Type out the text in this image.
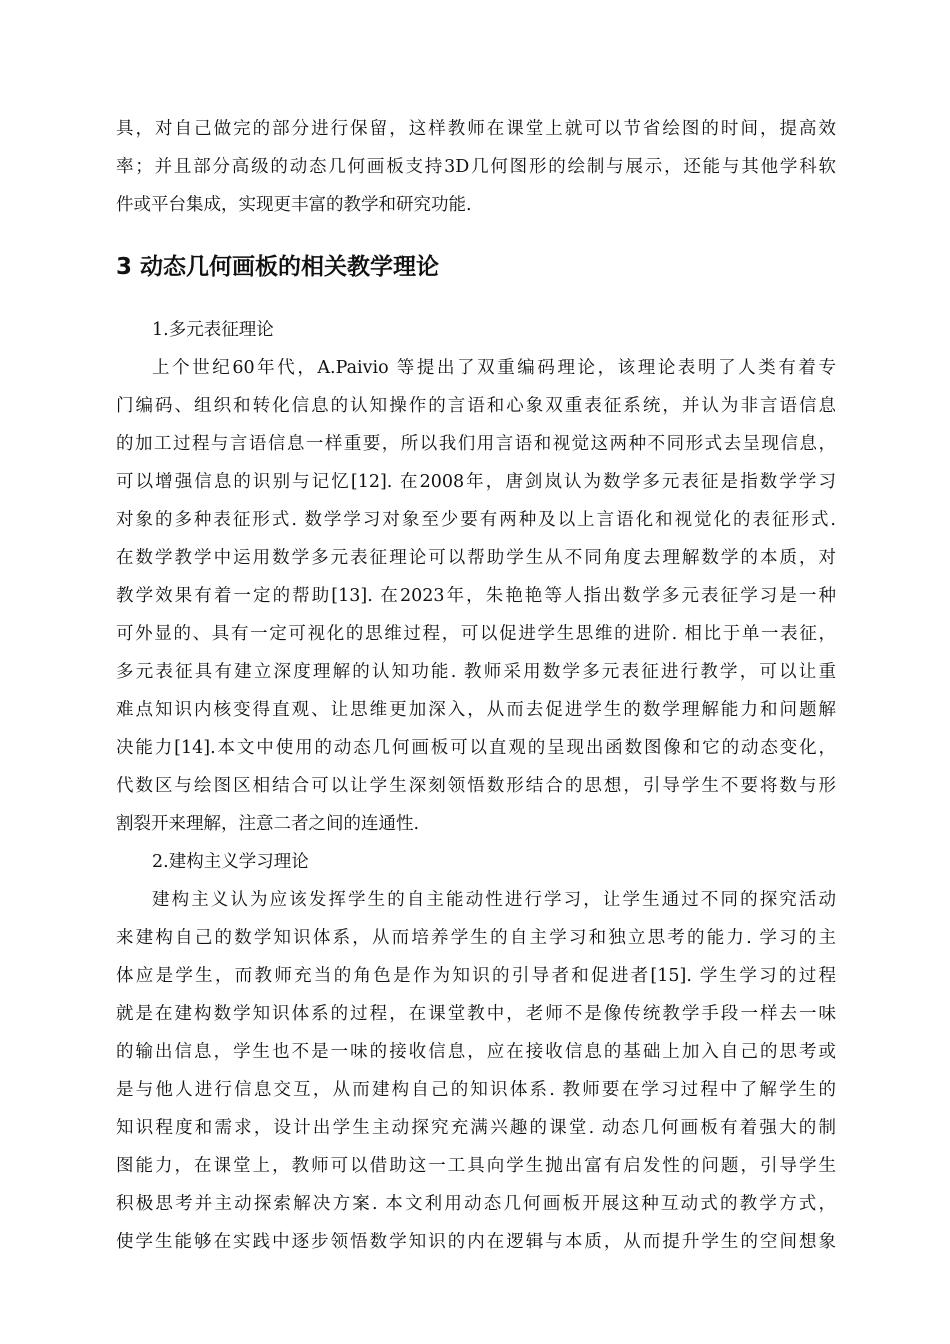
具，对自己做完的部分进行保留，这样教师在课堂上就可以节省绘图的时间，提高效
率；并且部分高级的动态几何画板支持3D几何图形的绘制与展示，还能与其他学科软
件或平台集成，实现更丰富的教学和研究功能.
3 动态几何画板的相关教学理论
1.多元表征理论
上个世纪60年代，A.Paivio 等提出了双重编码理论，该理论表明了人类有着专
门编码、组织和转化信息的认知操作的言语和心象双重表征系统，并认为非言语信息
的加工过程与言语信息一样重要，所以我们用言语和视觉这两种不同形式去呈现信息，
可以增强信息的识别与记忆[12]. 在2008年，唐剑岚认为数学多元表征是指数学学习
对象的多种表征形式. 数学学习对象至少要有两种及以上言语化和视觉化的表征形式.
在数学教学中运用数学多元表征理论可以帮助学生从不同角度去理解数学的本质，对
教学效果有着一定的帮助[13]. 在2023年，朱艳艳等人指出数学多元表征学习是一种
可外显的、具有一定可视化的思维过程，可以促进学生思维的进阶. 相比于单一表征，
多元表征具有建立深度理解的认知功能. 教师采用数学多元表征进行教学，可以让重
难点知识内核变得直观、让思维更加深入，从而去促进学生的数学理解能力和问题解
决能力[14].本文中使用的动态几何画板可以直观的呈现出函数图像和它的动态变化，
代数区与绘图区相结合可以让学生深刻领悟数形结合的思想，引导学生不要将数与形
割裂开来理解，注意二者之间的连通性.
2.建构主义学习理论
建构主义认为应该发挥学生的自主能动性进行学习，让学生通过不同的探究活动
来建构自己的数学知识体系，从而培养学生的自主学习和独立思考的能力. 学习的主
体应是学生，而教师充当的角色是作为知识的引导者和促进者[15]. 学生学习的过程
就是在建构数学知识体系的过程，在课堂教中，老师不是像传统教学手段一样去一味
的输出信息，学生也不是一味的接收信息，应在接收信息的基础上加入自己的思考或
是与他人进行信息交互，从而建构自己的知识体系. 教师要在学习过程中了解学生的
知识程度和需求，设计出学生主动探究充满兴趣的课堂. 动态几何画板有着强大的制
图能力，在课堂上，教师可以借助这一工具向学生抛出富有启发性的问题，引导学生
积极思考并主动探索解决方案. 本文利用动态几何画板开展这种互动式的教学方式，
使学生能够在实践中逐步领悟数学知识的内在逻辑与本质，从而提升学生的空间想象
